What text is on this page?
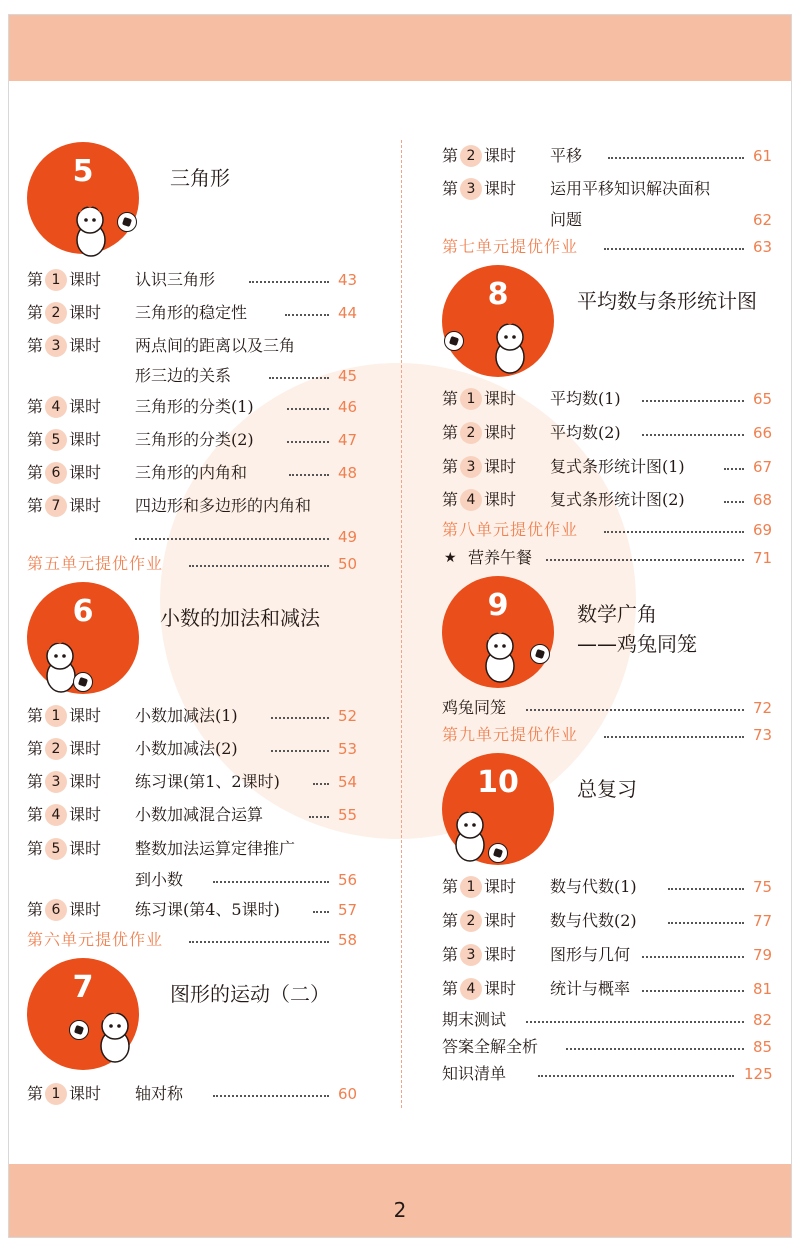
5	三角形
第 1 课时 认识三角形	43
第 2 课时 三角形的稳定性	44
第 3 课时 两点间的距离以及三角
形三边的关系	45
第 4 课时 三角形的分类(1)	46
第 5 课时 三角形的分类(2)	47
第 6 课时 三角形的内角和	48
第 7 课时 四边形和多边形的内角和
49
第五单元提优作业	50
6	小数的加法和减法
第 1 课时 小数加减法(1)	52
第 2 课时 小数加减法(2)	53
第 3 课时 练习课(第1、2课时)	54
第 4 课时 小数加减混合运算	55
第 5 课时 整数加法运算定律推广
到小数	56
第 6 课时 练习课(第4、5课时)	57
第六单元提优作业	58
7	图形的运动（二）
第 1 课时 轴对称	60
第 2 课时 平移	61
第 3 课时 运用平移知识解决面积
问题	62
第七单元提优作业	63
8	平均数与条形统计图
第 1 课时 平均数(1)	65
第 2 课时 平均数(2)	66
第 3 课时 复式条形统计图(1)	67
第 4 课时 复式条形统计图(2)	68
第八单元提优作业	69
★ 营养午餐	71
9	数学广角
——鸡兔同笼
鸡兔同笼	72
第九单元提优作业	73
10	总复习
第 1 课时 数与代数(1)	75
第 2 课时 数与代数(2)	77
第 3 课时 图形与几何	79
第 4 课时 统计与概率	81
期末测试	82
答案全解全析	85
知识清单	125
2
